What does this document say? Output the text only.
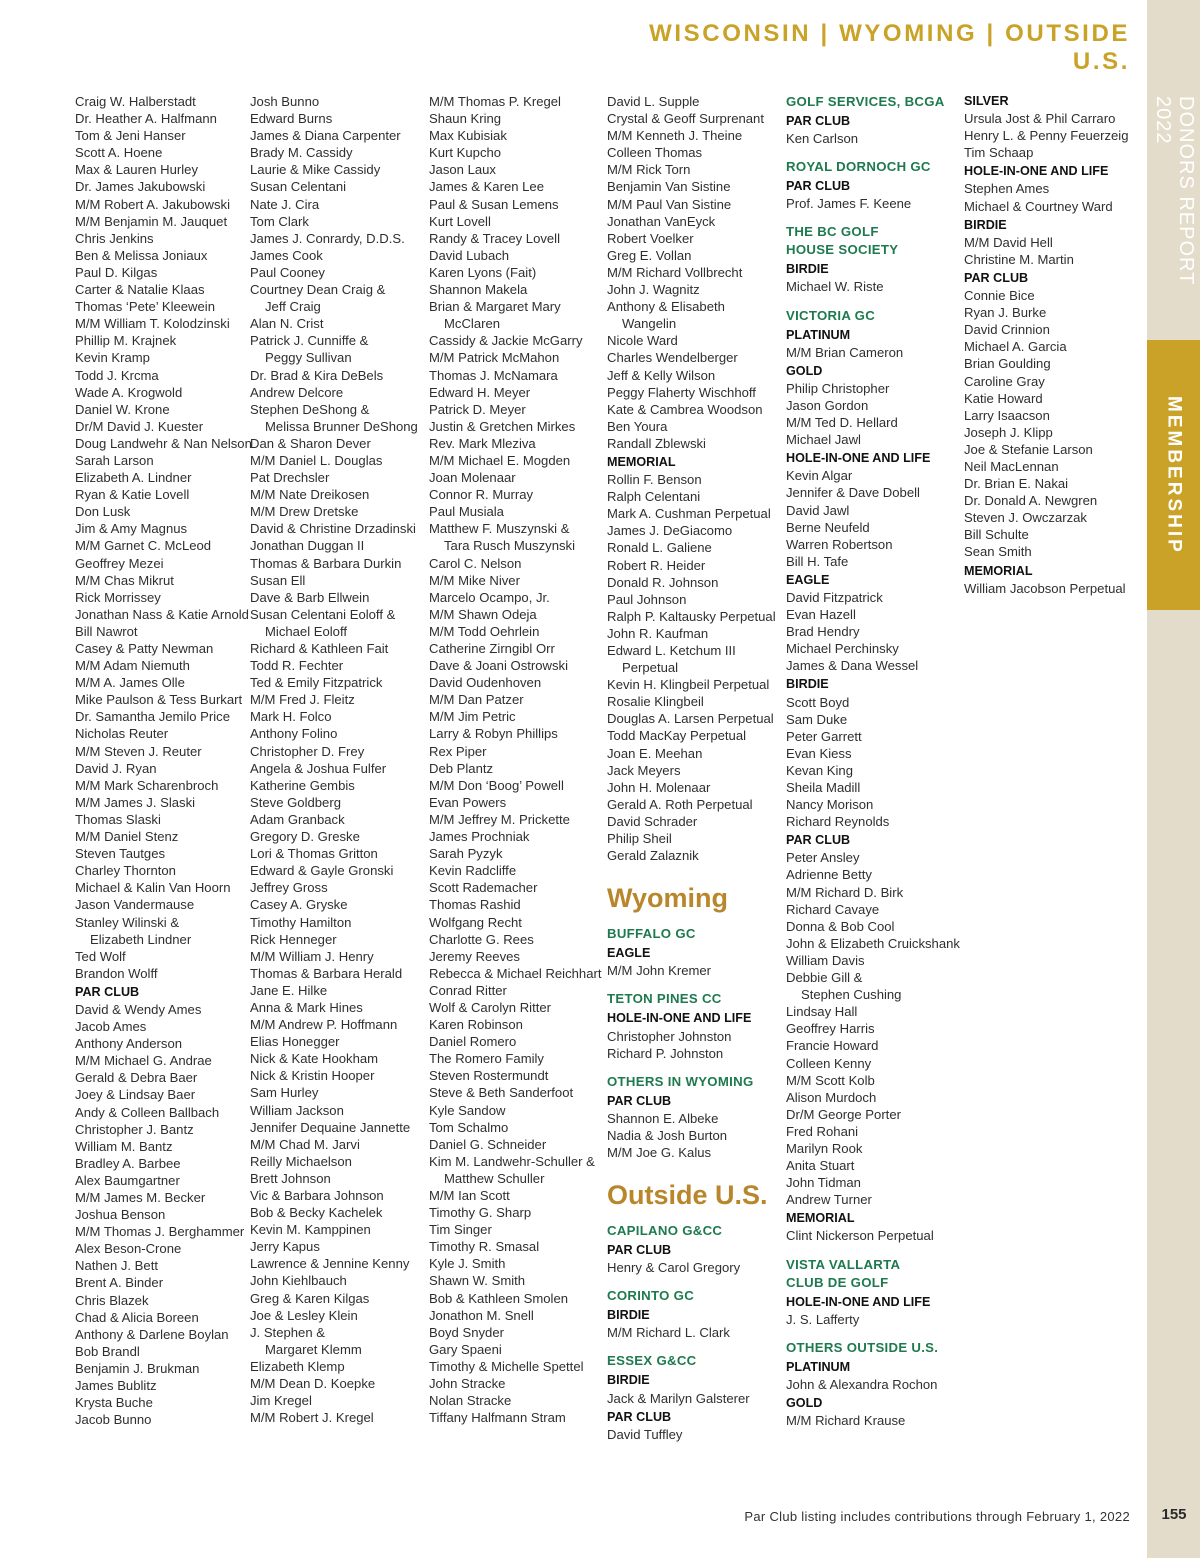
DONORS REPORT 2022
MEMBERSHIP
155
WISCONSIN | WYOMING | OUTSIDE U.S.
Craig W. Halberstadt
Dr. Heather A. Halfmann
Tom & Jeni Hanser
Scott A. Hoene
Max & Lauren Hurley
Dr. James Jakubowski
M/M Robert A. Jakubowski
M/M Benjamin M. Jauquet
Chris Jenkins
Ben & Melissa Joniaux
Paul D. Kilgas
Carter & Natalie Klaas
Thomas ‘Pete’ Kleewein
M/M William T. Kolodzinski
Phillip M. Krajnek
Kevin Kramp
Todd J. Krcma
Wade A. Krogwold
Daniel W. Krone
Dr/M David J. Kuester
Doug Landwehr & Nan Nelson
Sarah Larson
Elizabeth A. Lindner
Ryan & Katie Lovell
Don Lusk
Jim & Amy Magnus
M/M Garnet C. McLeod
Geoffrey Mezei
M/M Chas Mikrut
Rick Morrissey
Jonathan Nass & Katie Arnold
Bill Nawrot
Casey & Patty Newman
M/M Adam Niemuth
M/M A. James Olle
Mike Paulson & Tess Burkart
Dr. Samantha Jemilo Price
Nicholas Reuter
M/M Steven J. Reuter
David J. Ryan
M/M Mark Scharenbroch
M/M James J. Slaski
Thomas Slaski
M/M Daniel Stenz
Steven Tautges
Charley Thornton
Michael & Kalin Van Hoorn
Jason Vandermause
Stanley Wilinski &
Elizabeth Lindner
Ted Wolf
Brandon Wolff
PAR CLUB
David & Wendy Ames
Jacob Ames
Anthony Anderson
M/M Michael G. Andrae
Gerald & Debra Baer
Joey & Lindsay Baer
Andy & Colleen Ballbach
Christopher J. Bantz
William M. Bantz
Bradley A. Barbee
Alex Baumgartner
M/M James M. Becker
Joshua Benson
M/M Thomas J. Berghammer
Alex Beson-Crone
Nathen J. Bett
Brent A. Binder
Chris Blazek
Chad & Alicia Boreen
Anthony & Darlene Boylan
Bob Brandl
Benjamin J. Brukman
James Bublitz
Krysta Buche
Jacob Bunno
Josh Bunno
Edward Burns
James & Diana Carpenter
Brady M. Cassidy
Laurie & Mike Cassidy
Susan Celentani
Nate J. Cira
Tom Clark
James J. Conrardy, D.D.S.
James Cook
Paul Cooney
Courtney Dean Craig &
Jeff Craig
Alan N. Crist
Patrick J. Cunniffe &
Peggy Sullivan
Dr. Brad & Kira DeBels
Andrew Delcore
Stephen DeShong &
Melissa Brunner DeShong
Dan & Sharon Dever
M/M Daniel L. Douglas
Pat Drechsler
M/M Nate Dreikosen
M/M Drew Dretske
David & Christine Drzadinski
Jonathan Duggan II
Thomas & Barbara Durkin
Susan Ell
Dave & Barb Ellwein
Susan Celentani Eoloff &
Michael Eoloff
Richard & Kathleen Fait
Todd R. Fechter
Ted & Emily Fitzpatrick
M/M Fred J. Fleitz
Mark H. Folco
Anthony Folino
Christopher D. Frey
Angela & Joshua Fulfer
Katherine Gembis
Steve Goldberg
Adam Granback
Gregory D. Greske
Lori & Thomas Gritton
Edward & Gayle Gronski
Jeffrey Gross
Casey A. Gryske
Timothy Hamilton
Rick Henneger
M/M William J. Henry
Thomas & Barbara Herald
Jane E. Hilke
Anna & Mark Hines
M/M Andrew P. Hoffmann
Elias Honegger
Nick & Kate Hookham
Nick & Kristin Hooper
Sam Hurley
William Jackson
Jennifer Dequaine Jannette
M/M Chad M. Jarvi
Reilly Michaelson
Brett Johnson
Vic & Barbara Johnson
Bob & Becky Kachelek
Kevin M. Kamppinen
Jerry Kapus
Lawrence & Jennine Kenny
John Kiehlbauch
Greg & Karen Kilgas
Joe & Lesley Klein
J. Stephen &
Margaret Klemm
Elizabeth Klemp
M/M Dean D. Koepke
Jim Kregel
M/M Robert J. Kregel
M/M Thomas P. Kregel
Shaun Kring
Max Kubisiak
Kurt Kupcho
Jason Laux
James & Karen Lee
Paul & Susan Lemens
Kurt Lovell
Randy & Tracey Lovell
David Lubach
Karen Lyons (Fait)
Shannon Makela
Brian & Margaret Mary
McClaren
Cassidy & Jackie McGarry
M/M Patrick McMahon
Thomas J. McNamara
Edward H. Meyer
Patrick D. Meyer
Justin & Gretchen Mirkes
Rev. Mark Mleziva
M/M Michael E. Mogden
Joan Molenaar
Connor R. Murray
Paul Musiala
Matthew F. Muszynski &
Tara Rusch Muszynski
Carol C. Nelson
M/M Mike Niver
Marcelo Ocampo, Jr.
M/M Shawn Odeja
M/M Todd Oehrlein
Catherine Zirngibl Orr
Dave & Joani Ostrowski
David Oudenhoven
M/M Dan Patzer
M/M Jim Petric
Larry & Robyn Phillips
Rex Piper
Deb Plantz
M/M Don ‘Boog’ Powell
Evan Powers
M/M Jeffrey M. Prickette
James Prochniak
Sarah Pyzyk
Kevin Radcliffe
Scott Rademacher
Thomas Rashid
Wolfgang Recht
Charlotte G. Rees
Jeremy Reeves
Rebecca & Michael Reichhart
Conrad Ritter
Wolf & Carolyn Ritter
Karen Robinson
Daniel Romero
The Romero Family
Steven Rostermundt
Steve & Beth Sanderfoot
Kyle Sandow
Tom Schalmo
Daniel G. Schneider
Kim M. Landwehr-Schuller &
Matthew Schuller
M/M Ian Scott
Timothy G. Sharp
Tim Singer
Timothy R. Smasal
Kyle J. Smith
Shawn W. Smith
Bob & Kathleen Smolen
Jonathon M. Snell
Boyd Snyder
Gary Spaeni
Timothy & Michelle Spettel
John Stracke
Nolan Stracke
Tiffany Halfmann Stram
David L. Supple
Crystal & Geoff Surprenant
M/M Kenneth J. Theine
Colleen Thomas
M/M Rick Torn
Benjamin Van Sistine
M/M Paul Van Sistine
Jonathan VanEyck
Robert Voelker
Greg E. Vollan
M/M Richard Vollbrecht
John J. Wagnitz
Anthony & Elisabeth
Wangelin
Nicole Ward
Charles Wendelberger
Jeff & Kelly Wilson
Peggy Flaherty Wischhoff
Kate & Cambrea Woodson
Ben Youra
Randall Zblewski
MEMORIAL
Rollin F. Benson
Ralph Celentani
Mark A. Cushman Perpetual
James J. DeGiacomo
Ronald L. Galiene
Robert R. Heider
Donald R. Johnson
Paul Johnson
Ralph P. Kaltausky Perpetual
John R. Kaufman
Edward L. Ketchum III
Perpetual
Kevin H. Klingbeil Perpetual
Rosalie Klingbeil
Douglas A. Larsen Perpetual
Todd MacKay Perpetual
Joan E. Meehan
Jack Meyers
John H. Molenaar
Gerald A. Roth Perpetual
David Schrader
Philip Sheil
Gerald Zalaznik
Wyoming
BUFFALO GC
EAGLE
M/M John Kremer
TETON PINES CC
HOLE-IN-ONE AND LIFE
Christopher Johnston
Richard P. Johnston
OTHERS IN WYOMING
PAR CLUB
Shannon E. Albeke
Nadia & Josh Burton
M/M Joe G. Kalus
Outside U.S.
CAPILANO G&CC
PAR CLUB
Henry & Carol Gregory
CORINTO GC
BIRDIE
M/M Richard L. Clark
ESSEX G&CC
BIRDIE
Jack & Marilyn Galsterer
PAR CLUB
David Tuffley
GOLF SERVICES, BCGA
PAR CLUB
Ken Carlson
ROYAL DORNOCH GC
PAR CLUB
Prof. James F. Keene
THE BC GOLF
HOUSE SOCIETY
BIRDIE
Michael W. Riste
VICTORIA GC
PLATINUM
M/M Brian Cameron
GOLD
Philip Christopher
Jason Gordon
M/M Ted D. Hellard
Michael Jawl
HOLE-IN-ONE AND LIFE
Kevin Algar
Jennifer & Dave Dobell
David Jawl
Berne Neufeld
Warren Robertson
Bill H. Tafe
EAGLE
David Fitzpatrick
Evan Hazell
Brad Hendry
Michael Perchinsky
James & Dana Wessel
BIRDIE
Scott Boyd
Sam Duke
Peter Garrett
Evan Kiess
Kevan King
Sheila Madill
Nancy Morison
Richard Reynolds
PAR CLUB
Peter Ansley
Adrienne Betty
M/M Richard D. Birk
Richard Cavaye
Donna & Bob Cool
John & Elizabeth Cruickshank
William Davis
Debbie Gill &
Stephen Cushing
Lindsay Hall
Geoffrey Harris
Francie Howard
Colleen Kenny
M/M Scott Kolb
Alison Murdoch
Dr/M George Porter
Fred Rohani
Marilyn Rook
Anita Stuart
John Tidman
Andrew Turner
MEMORIAL
Clint Nickerson Perpetual
VISTA VALLARTA
CLUB DE GOLF
HOLE-IN-ONE AND LIFE
J. S. Lafferty
OTHERS OUTSIDE U.S.
PLATINUM
John & Alexandra Rochon
GOLD
M/M Richard Krause
SILVER
Ursula Jost & Phil Carraro
Henry L. & Penny Feuerzeig
Tim Schaap
HOLE-IN-ONE AND LIFE
Stephen Ames
Michael & Courtney Ward
BIRDIE
M/M David Hell
Christine M. Martin
PAR CLUB
Connie Bice
Ryan J. Burke
David Crinnion
Michael A. Garcia
Brian Goulding
Caroline Gray
Katie Howard
Larry Isaacson
Joseph J. Klipp
Joe & Stefanie Larson
Neil MacLennan
Dr. Brian E. Nakai
Dr. Donald A. Newgren
Steven J. Owczarzak
Bill Schulte
Sean Smith
MEMORIAL
William Jacobson Perpetual
Par Club listing includes contributions through February 1, 2022
